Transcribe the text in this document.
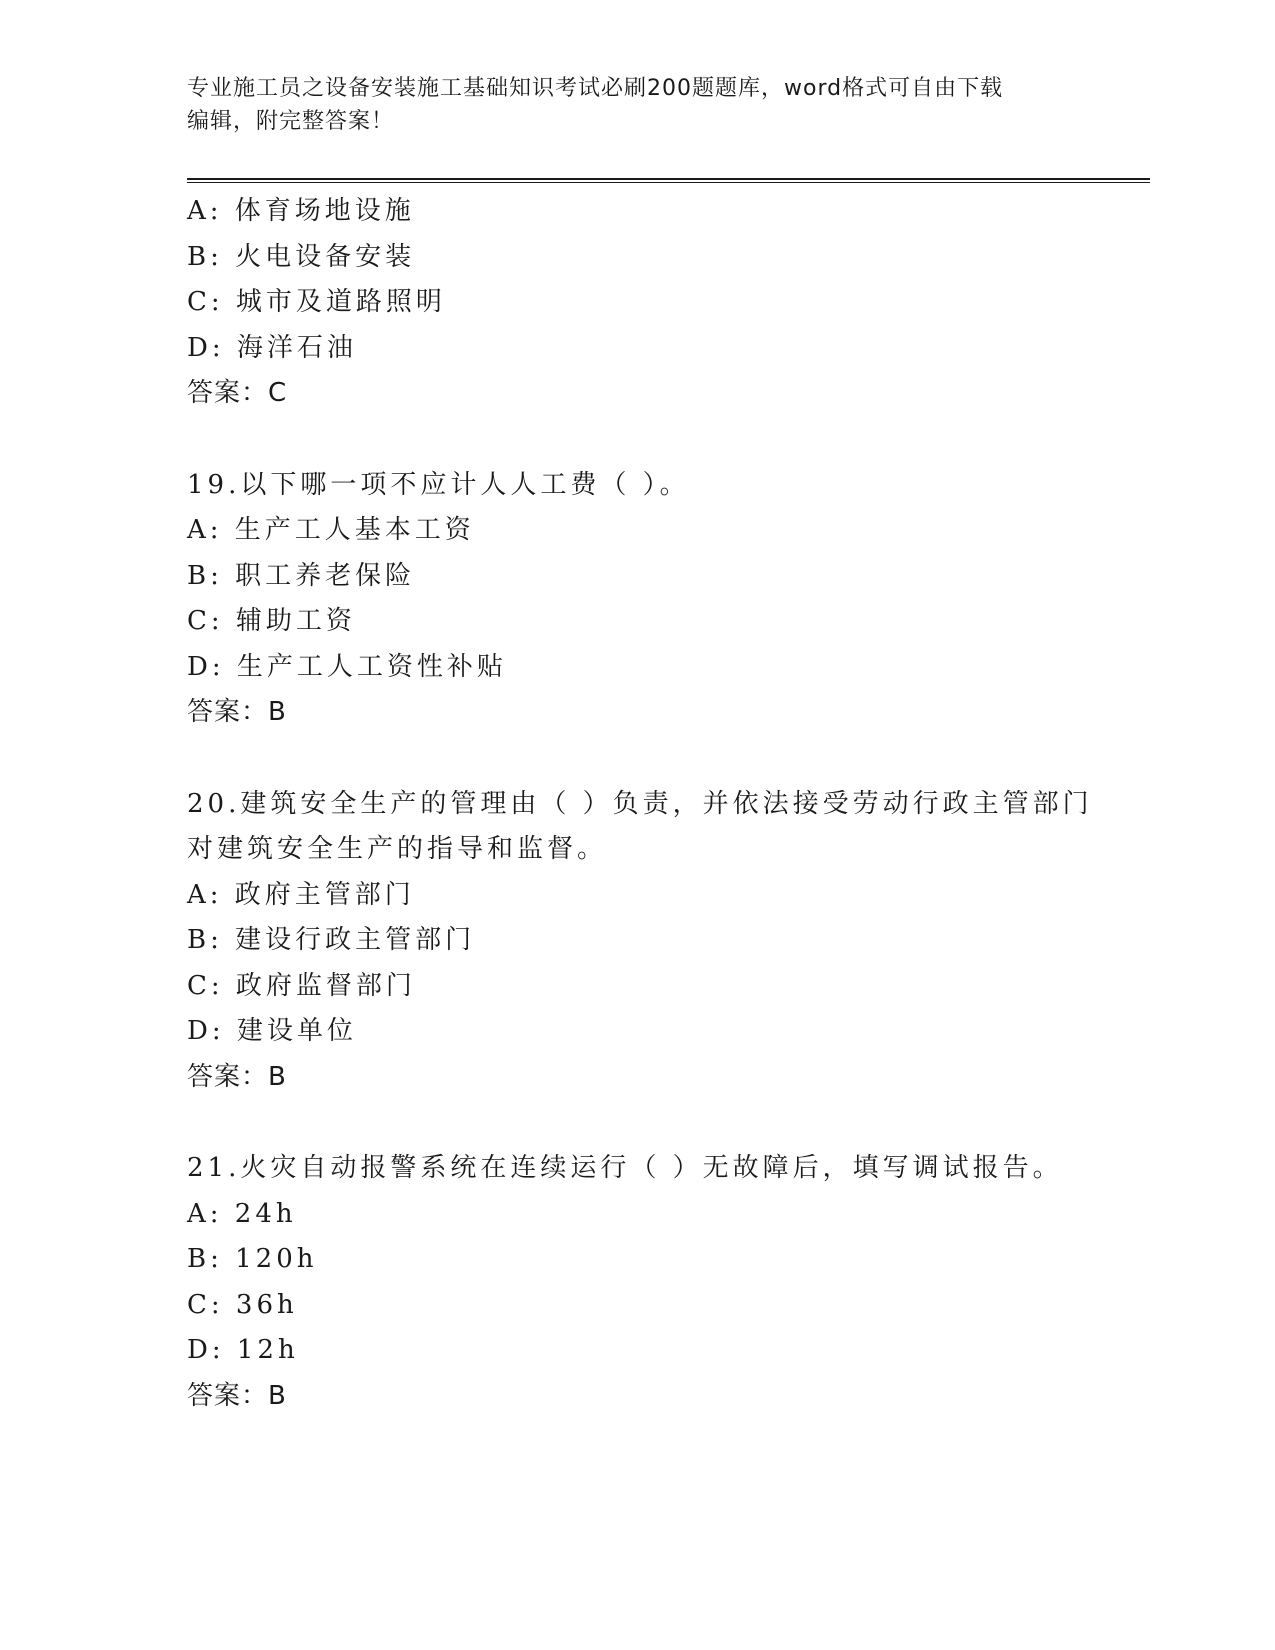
专业施工员之设备安装施工基础知识考试必刷200题题库，word格式可自由下载

编辑，附完整答案！

A: 体育场地设施

B: 火电设备安装

C: 城市及道路照明

D: 海洋石油

答案：C

19.以下哪一项不应计人人工费（ ）。

A: 生产工人基本工资

B: 职工养老保险

C: 辅助工资

D: 生产工人工资性补贴

答案：B

20.建筑安全生产的管理由（ ）负责，并依法接受劳动行政主管部门

对建筑安全生产的指导和监督。

A: 政府主管部门

B: 建设行政主管部门

C: 政府监督部门

D: 建设单位

答案：B

21.火灾自动报警系统在连续运行（ ）无故障后，填写调试报告。

A: 24h

B: 120h

C: 36h

D: 12h

答案：B
